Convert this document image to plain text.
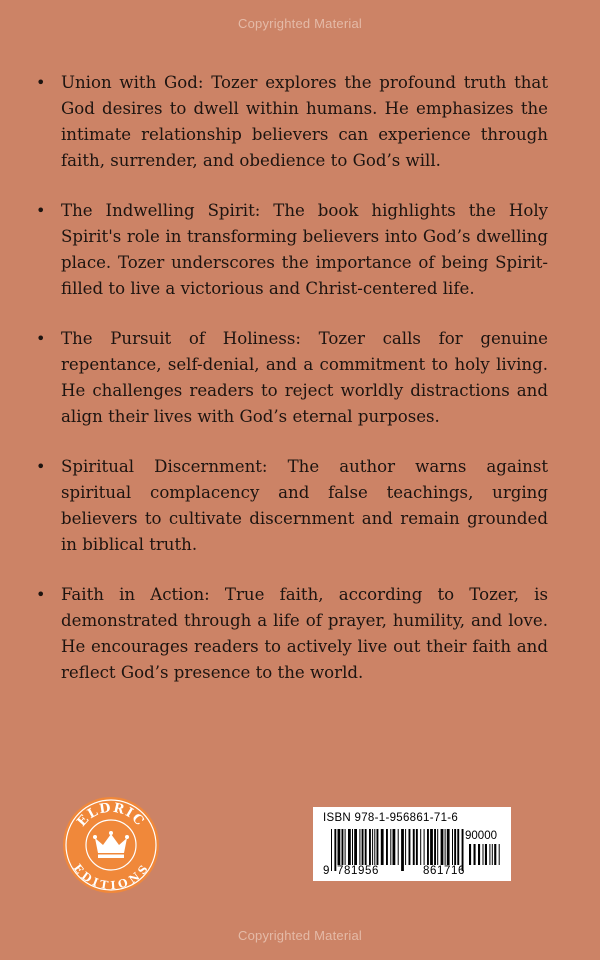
Copyrighted Material
• Union with God: Tozer explores the profound truth that God desires to dwell within humans. He emphasizes the intimate relationship believers can experience through faith, surrender, and obedience to God’s will.
• The Indwelling Spirit: The book highlights the Holy Spirit's role in transforming believers into God’s dwelling place. Tozer underscores the importance of being Spirit-filled to live a victorious and Christ-centered life.
• The Pursuit of Holiness: Tozer calls for genuine repentance, self-denial, and a commitment to holy living. He challenges readers to reject worldly distractions and align their lives with God’s eternal purposes.
• Spiritual Discernment: The author warns against spiritual complacency and false teachings, urging believers to cultivate discernment and remain grounded in biblical truth.
• Faith in Action: True faith, according to Tozer, is demonstrated through a life of prayer, humility, and love. He encourages readers to actively live out their faith and reflect God’s presence to the world.
ELDRIC
EDITIONS
ISBN 978-1-956861-71-6
90000
9 781956	861716
Copyrighted Material
